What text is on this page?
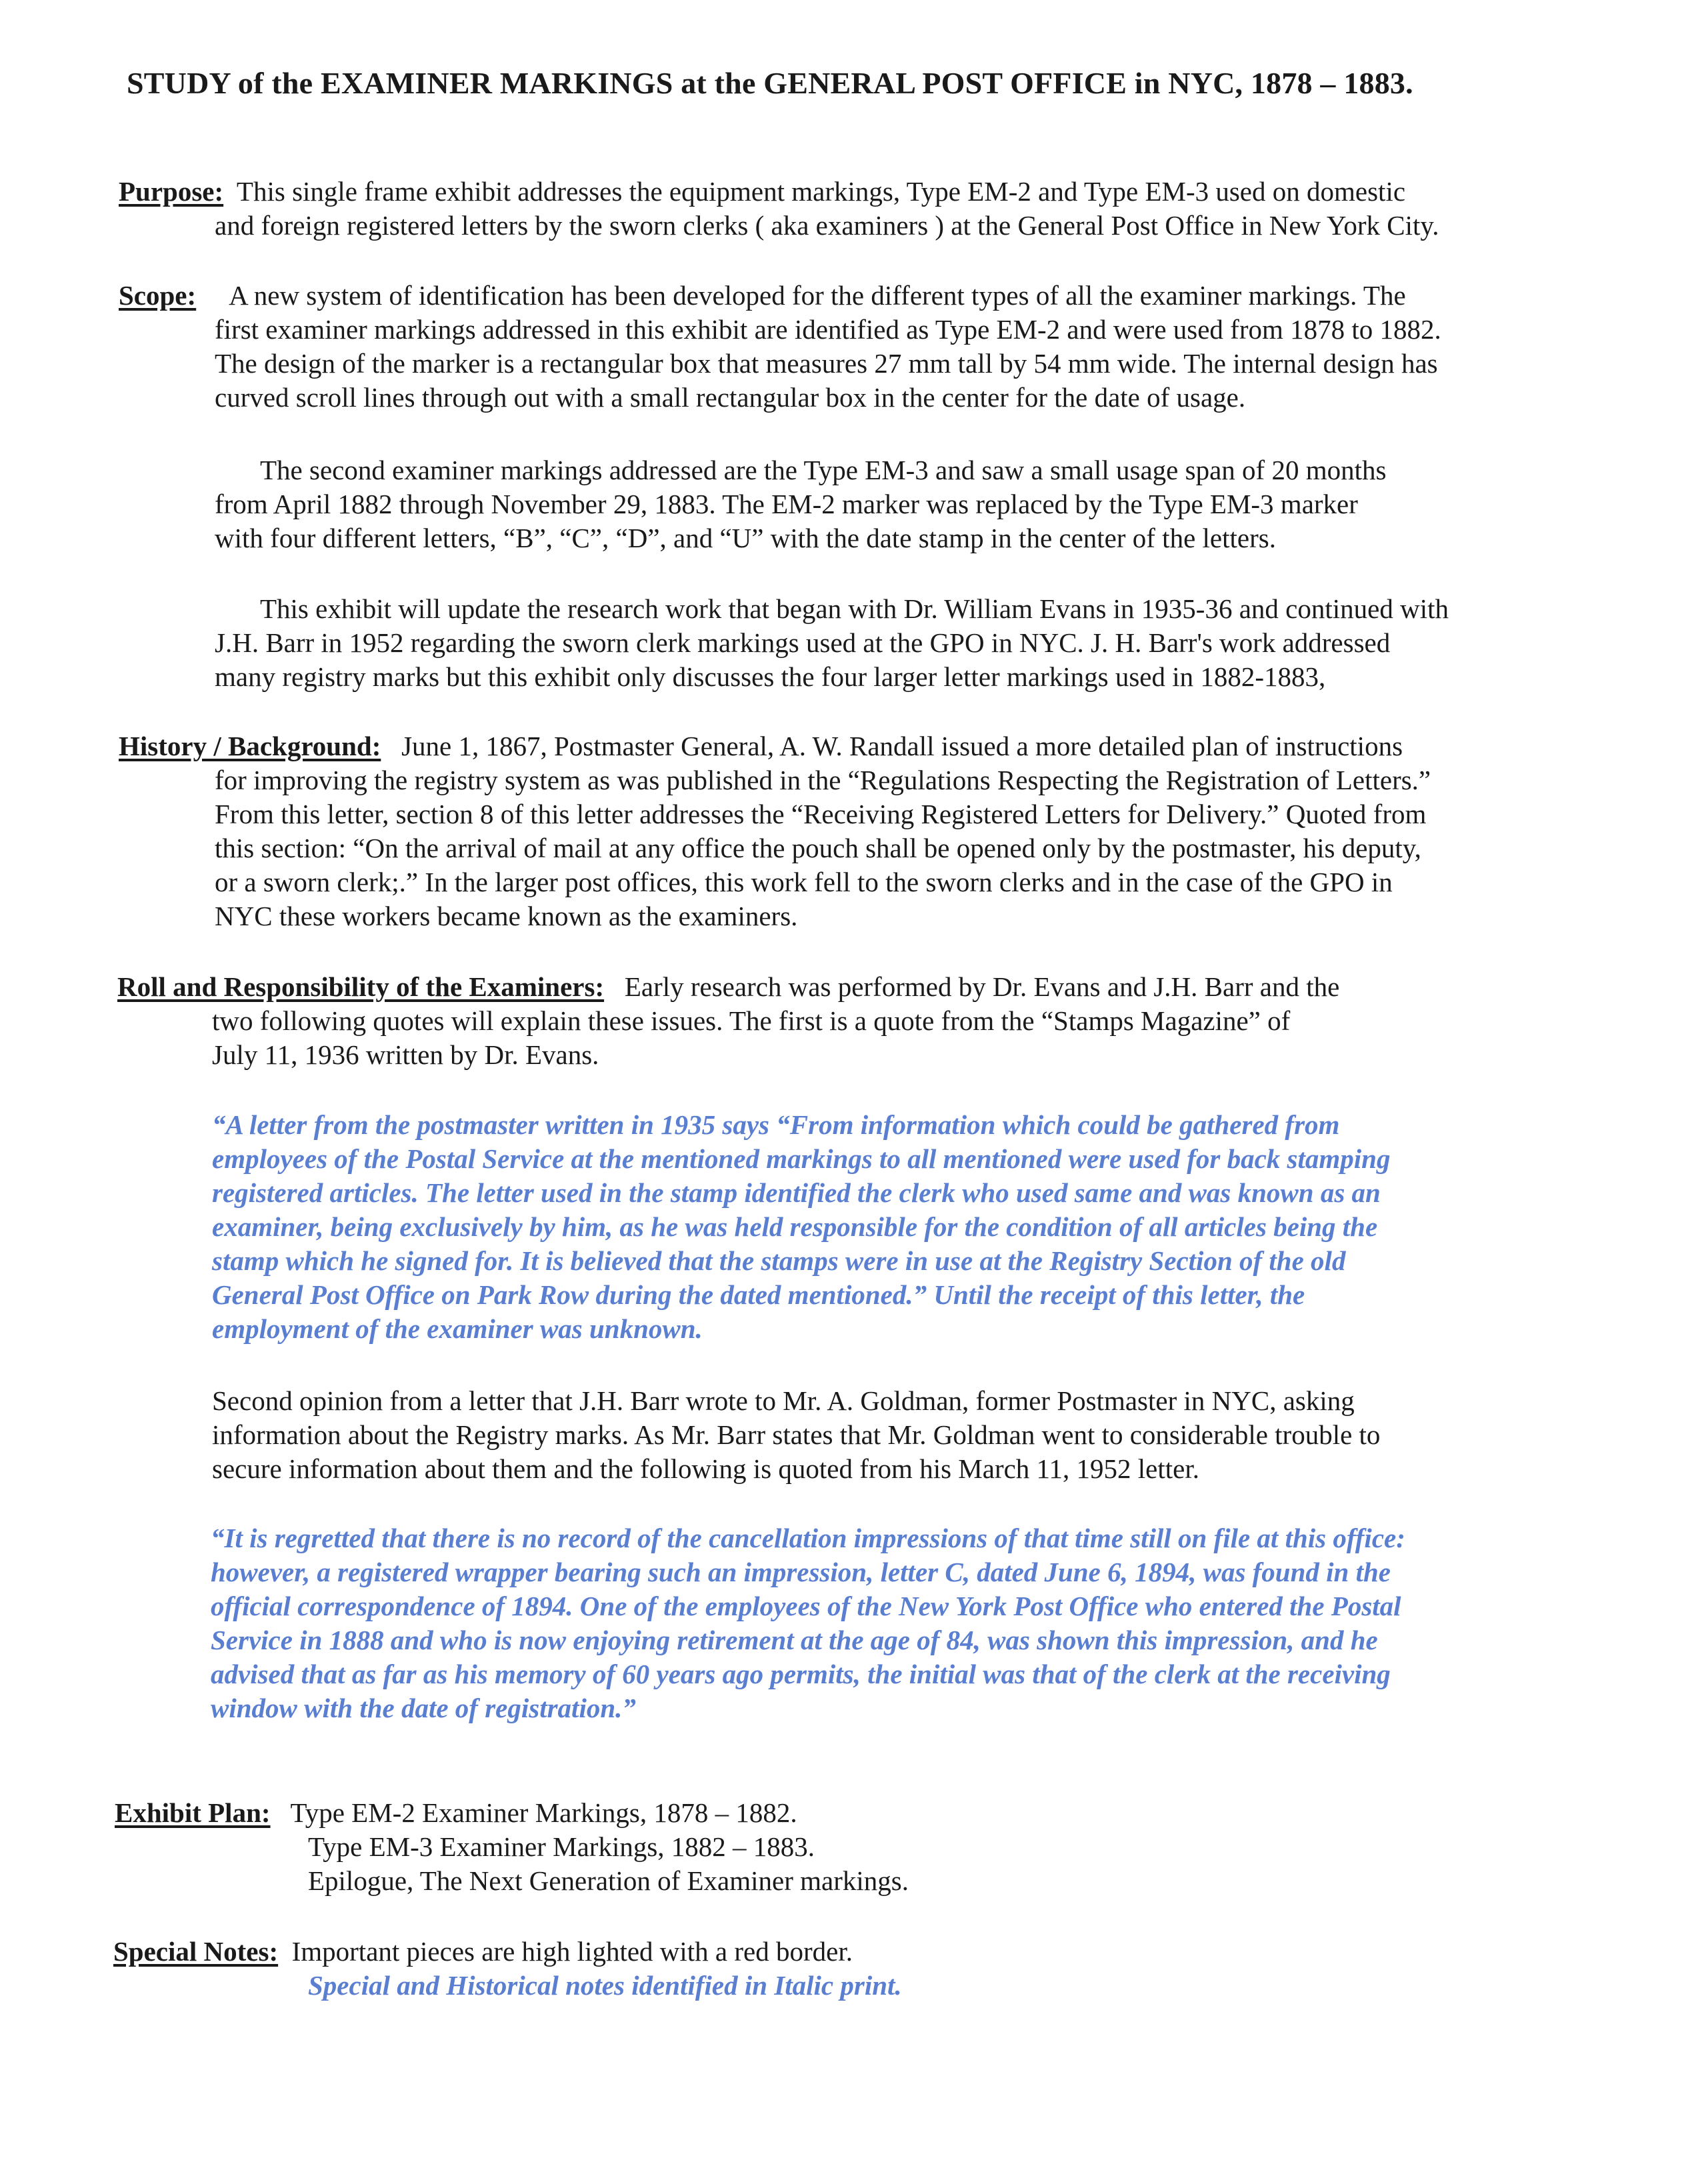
STUDY of the EXAMINER MARKINGS at the GENERAL POST OFFICE in NYC, 1878 – 1883.
Purpose: This single frame exhibit addresses the equipment markings, Type EM-2 and Type EM-3 used on domestic
and foreign registered letters by the sworn clerks ( aka examiners ) at the General Post Office in New York City.
Scope: A new system of identification has been developed for the different types of all the examiner markings. The
first examiner markings addressed in this exhibit are identified as Type EM-2 and were used from 1878 to 1882.
The design of the marker is a rectangular box that measures 27 mm tall by 54 mm wide. The internal design has
curved scroll lines through out with a small rectangular box in the center for the date of usage.
The second examiner markings addressed are the Type EM-3 and saw a small usage span of 20 months
from April 1882 through November 29, 1883. The EM-2 marker was replaced by the Type EM-3 marker
with four different letters, “B”, “C”, “D”, and “U” with the date stamp in the center of the letters.
This exhibit will update the research work that began with Dr. William Evans in 1935-36 and continued with
J.H. Barr in 1952 regarding the sworn clerk markings used at the GPO in NYC. J. H. Barr's work addressed
many registry marks but this exhibit only discusses the four larger letter markings used in 1882-1883,
History / Background: June 1, 1867, Postmaster General, A. W. Randall issued a more detailed plan of instructions
for improving the registry system as was published in the “Regulations Respecting the Registration of Letters.”
From this letter, section 8 of this letter addresses the “Receiving Registered Letters for Delivery.” Quoted from
this section: “On the arrival of mail at any office the pouch shall be opened only by the postmaster, his deputy,
or a sworn clerk;.” In the larger post offices, this work fell to the sworn clerks and in the case of the GPO in
NYC these workers became known as the examiners.
Roll and Responsibility of the Examiners: Early research was performed by Dr. Evans and J.H. Barr and the
two following quotes will explain these issues. The first is a quote from the “Stamps Magazine” of
July 11, 1936 written by Dr. Evans.
“A letter from the postmaster written in 1935 says “From information which could be gathered from
employees of the Postal Service at the mentioned markings to all mentioned were used for back stamping
registered articles. The letter used in the stamp identified the clerk who used same and was known as an
examiner, being exclusively by him, as he was held responsible for the condition of all articles being the
stamp which he signed for. It is believed that the stamps were in use at the Registry Section of the old
General Post Office on Park Row during the dated mentioned.” Until the receipt of this letter, the
employment of the examiner was unknown.
Second opinion from a letter that J.H. Barr wrote to Mr. A. Goldman, former Postmaster in NYC, asking
information about the Registry marks. As Mr. Barr states that Mr. Goldman went to considerable trouble to
secure information about them and the following is quoted from his March 11, 1952 letter.
“It is regretted that there is no record of the cancellation impressions of that time still on file at this office:
however, a registered wrapper bearing such an impression, letter C, dated June 6, 1894, was found in the
official correspondence of 1894. One of the employees of the New York Post Office who entered the Postal
Service in 1888 and who is now enjoying retirement at the age of 84, was shown this impression, and he
advised that as far as his memory of 60 years ago permits, the initial was that of the clerk at the receiving
window with the date of registration.”
Exhibit Plan: Type EM-2 Examiner Markings, 1878 – 1882.
Type EM-3 Examiner Markings, 1882 – 1883.
Epilogue, The Next Generation of Examiner markings.
Special Notes: Important pieces are high lighted with a red border.
Special and Historical notes identified in Italic print.
